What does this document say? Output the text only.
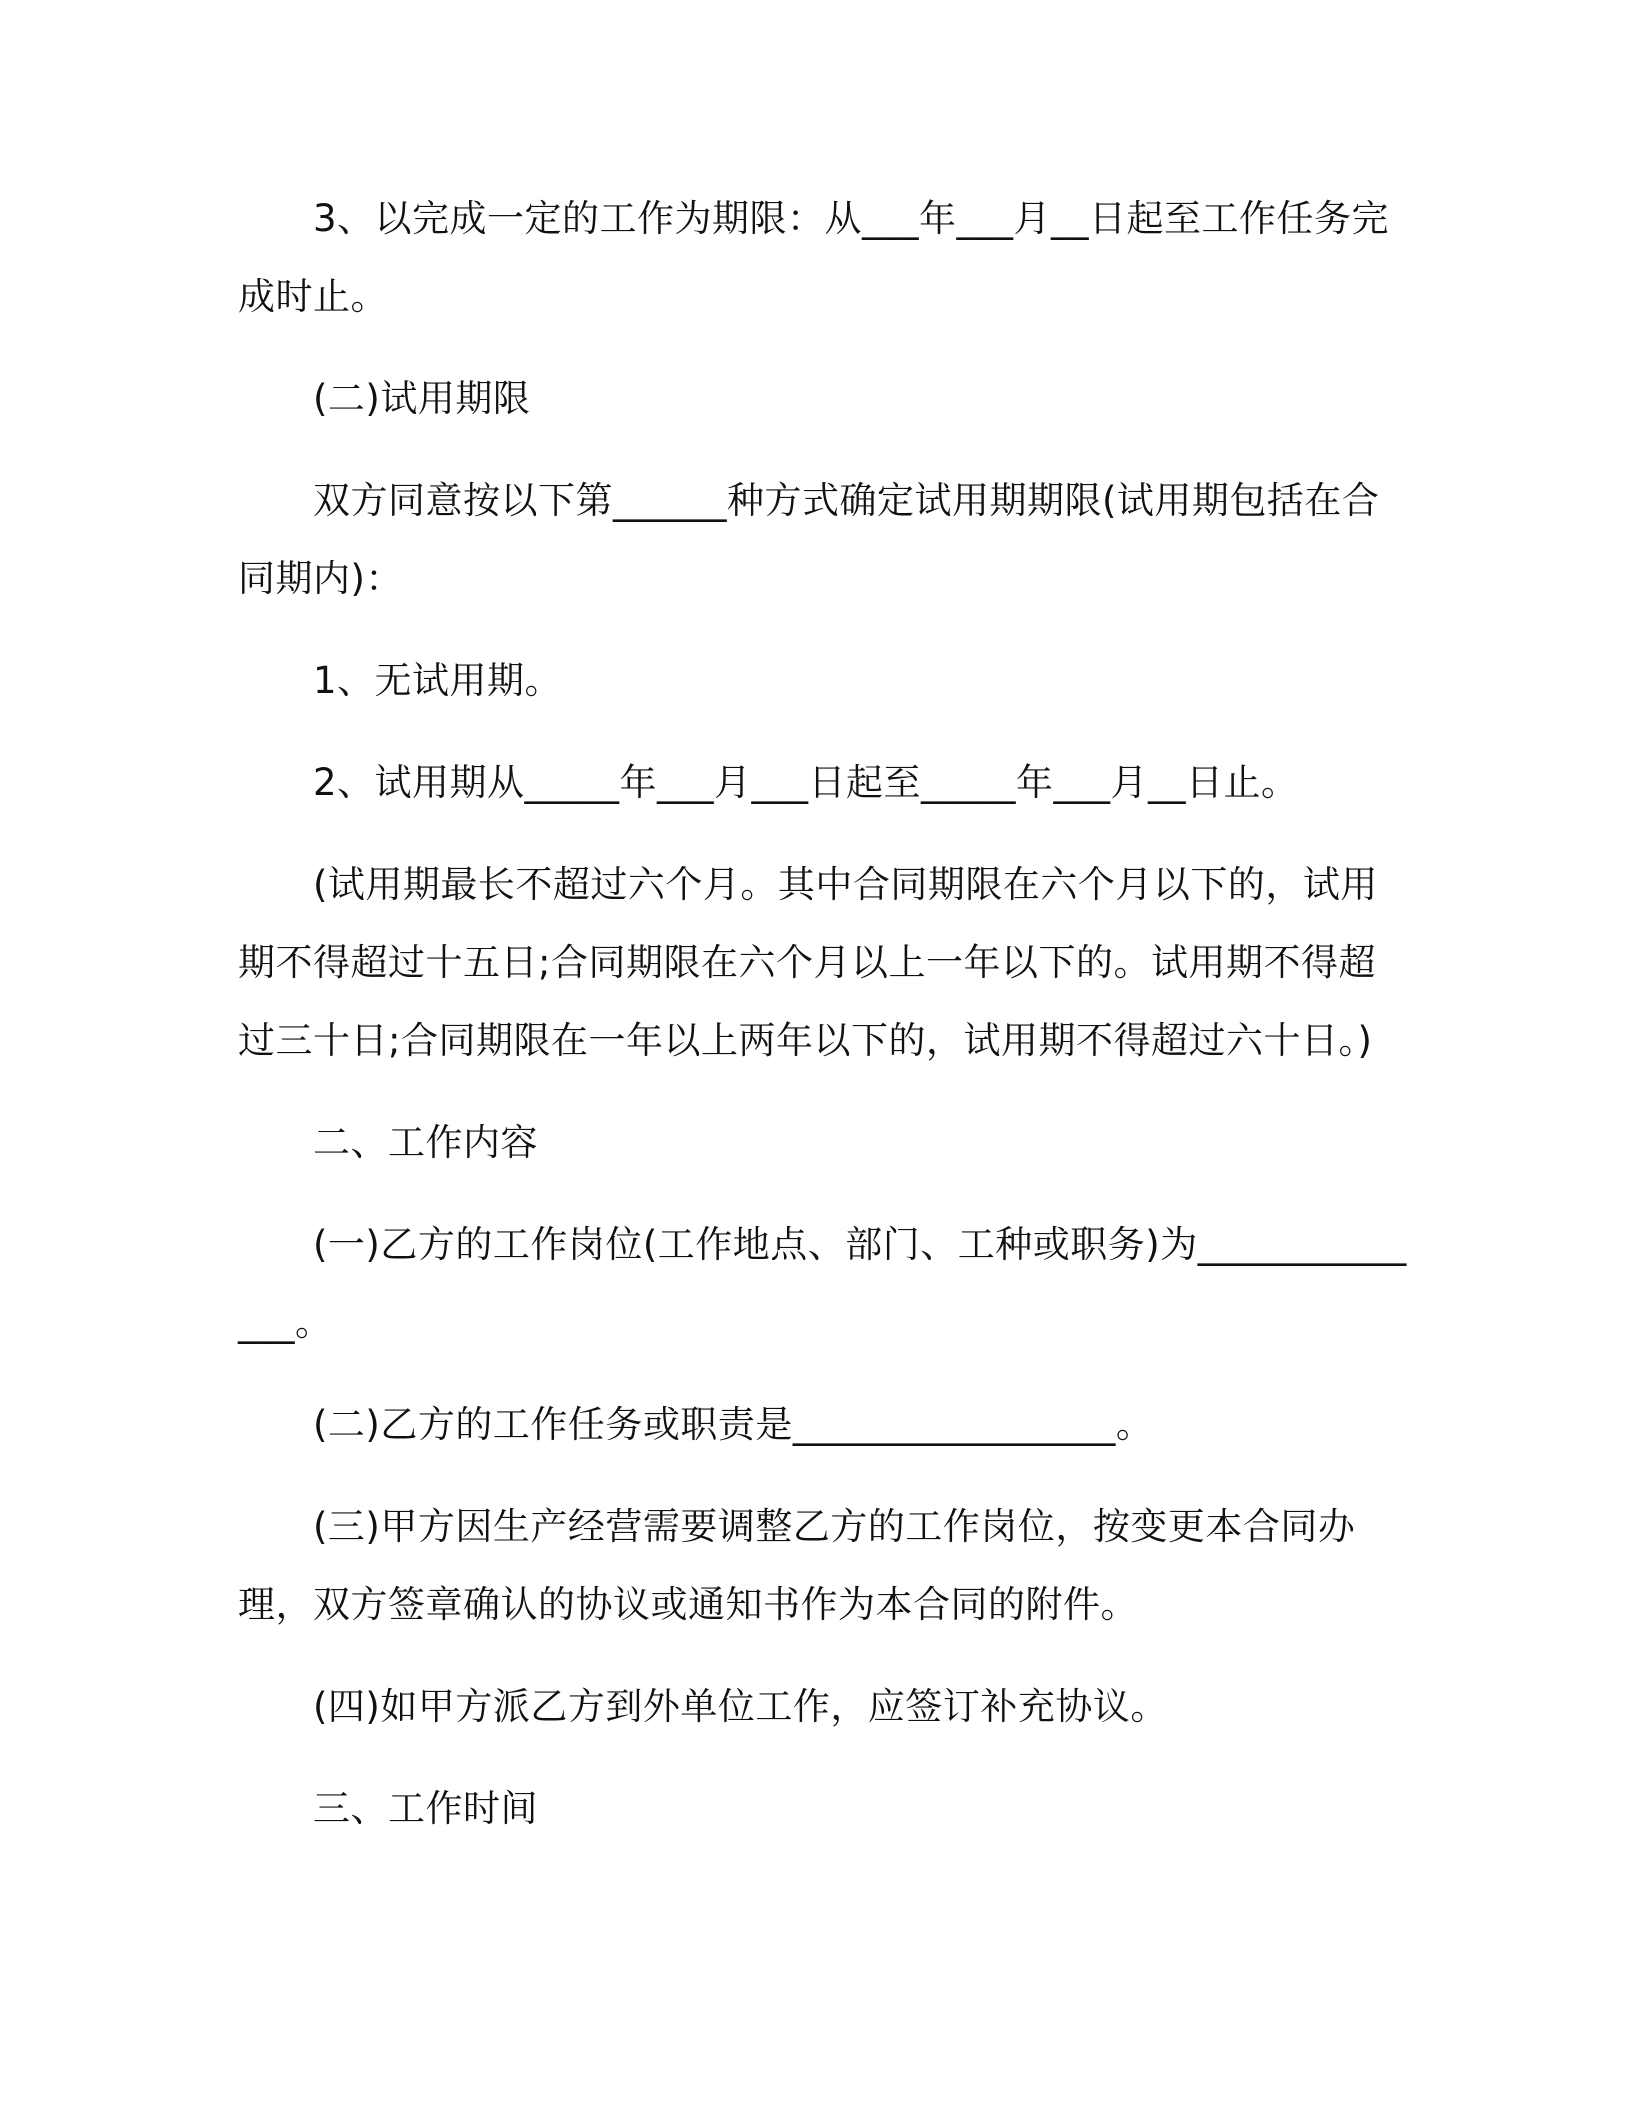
3、以完成一定的工作为期限：从___年___月__日起至工作任务完成时止。

(二)试用期限

双方同意按以下第______种方式确定试用期期限(试用期包括在合同期内)：

1、无试用期。

2、试用期从_____年___月___日起至_____年___月__日止。

(试用期最长不超过六个月。其中合同期限在六个月以下的，试用期不得超过十五日;合同期限在六个月以上一年以下的。试用期不得超过三十日;合同期限在一年以上两年以下的，试用期不得超过六十日。)

二、工作内容

(一)乙方的工作岗位(工作地点、部门、工种或职务)为______________。

(二)乙方的工作任务或职责是_________________。

(三)甲方因生产经营需要调整乙方的工作岗位，按变更本合同办理，双方签章确认的协议或通知书作为本合同的附件。

(四)如甲方派乙方到外单位工作，应签订补充协议。

三、工作时间
